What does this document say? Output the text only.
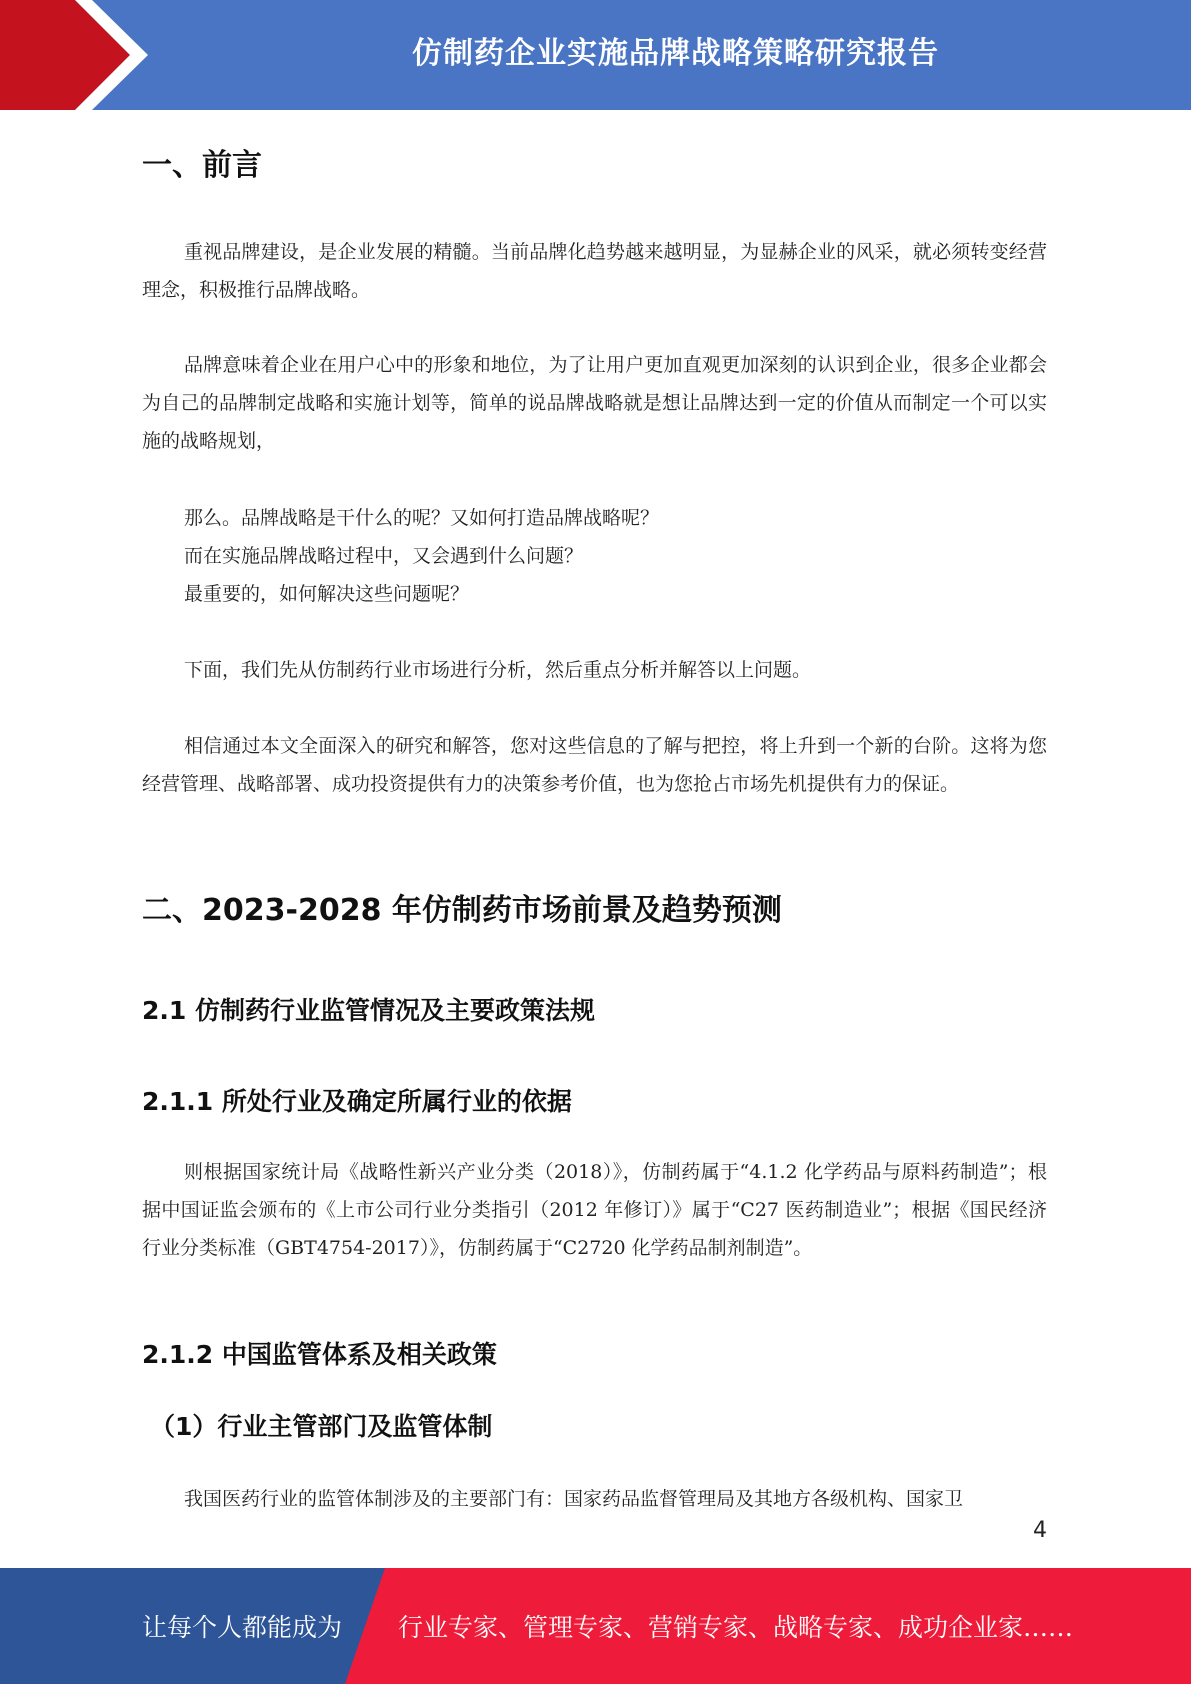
仿制药企业实施品牌战略策略研究报告
一、前言
重视品牌建设，是企业发展的精髓。当前品牌化趋势越来越明显，为显赫企业的风采，就必须转变经营理念，积极推行品牌战略。
品牌意味着企业在用户心中的形象和地位，为了让用户更加直观更加深刻的认识到企业，很多企业都会为自己的品牌制定战略和实施计划等，简单的说品牌战略就是想让品牌达到一定的价值从而制定一个可以实施的战略规划，
那么。品牌战略是干什么的呢？又如何打造品牌战略呢？
而在实施品牌战略过程中，又会遇到什么问题？
最重要的，如何解决这些问题呢？
下面，我们先从仿制药行业市场进行分析，然后重点分析并解答以上问题。
相信通过本文全面深入的研究和解答，您对这些信息的了解与把控，将上升到一个新的台阶。这将为您经营管理、战略部署、成功投资提供有力的决策参考价值，也为您抢占市场先机提供有力的保证。
二、2023-2028 年仿制药市场前景及趋势预测
2.1 仿制药行业监管情况及主要政策法规
2.1.1 所处行业及确定所属行业的依据
则根据国家统计局《战略性新兴产业分类（2018）》，仿制药属于“4.1.2 化学药品与原料药制造”；根据中国证监会颁布的《上市公司行业分类指引（2012 年修订）》属于“C27 医药制造业”；根据《国民经济行业分类标准（GBT4754-2017）》，仿制药属于“C2720 化学药品制剂制造”。
2.1.2 中国监管体系及相关政策
（1）行业主管部门及监管体制
我国医药行业的监管体制涉及的主要部门有：国家药品监督管理局及其地方各级机构、国家卫
4
让每个人都能成为 行业专家、管理专家、营销专家、战略专家、成功企业家……
